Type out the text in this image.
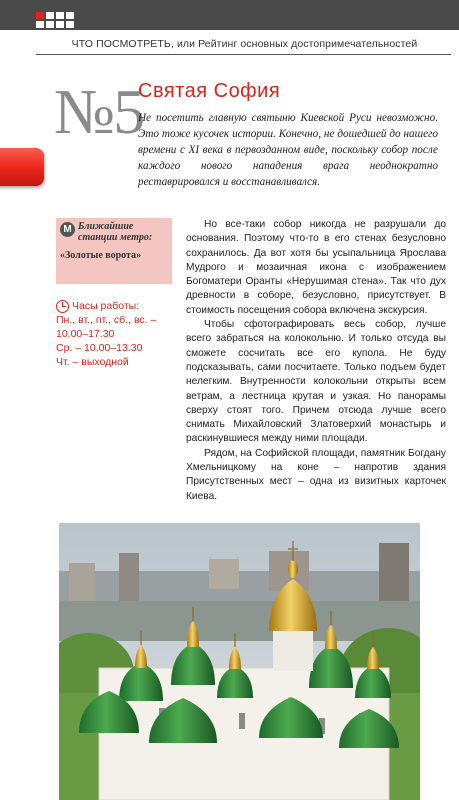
ЧТО ПОСМОТРЕТЬ, или Рейтинг основных достопримечательностей
№5
Святая София
Не посетить главную святыню Киевской Руси невозможно. Это тоже кусочек истории. Конечно, не дошедшей до нашего времени с XI века в первозданном виде, поскольку собор после каждого нового нападения врага неоднократно реставрировался и восстанавливался.
М Ближайшие станции метро:
«Золотые ворота»
Часы работы:
Пн., вт., пт., сб., вс. – 10.00–17.30
Ср. – 10.00–13.30
Чт. – выходной

Но все-таки собор никогда не разрушали до основания. Поэтому что-то в его стенах безусловно сохранилось. Да вот хотя бы усыпальница Ярослава Мудрого и мозаичная икона с изображением Богоматери Оранты «Нерушимая стена». Так что дух древности в соборе, безусловно, присутствует. В стоимость посещения собора включена экскурсия.

Чтобы сфотографировать весь собор, лучше всего забраться на колокольню. И только отсуда вы сможете сосчитать все его купола. Не буду подсказывать, сами посчитаете. Только подъем будет нелегким. Внутренности колокольни открыты всем ветрам, а лестница крутая и узкая. Но панорамы сверху стоят того. Причем отсюда лучше всего снимать Михайловский Златоверхий монастырь и раскинувшиеся между ними площади.

Рядом, на Софийской площади, памятник Богдану Хмельницкому на коне – напротив здания Присутственных мест – одна из визитных карточек Киева.
